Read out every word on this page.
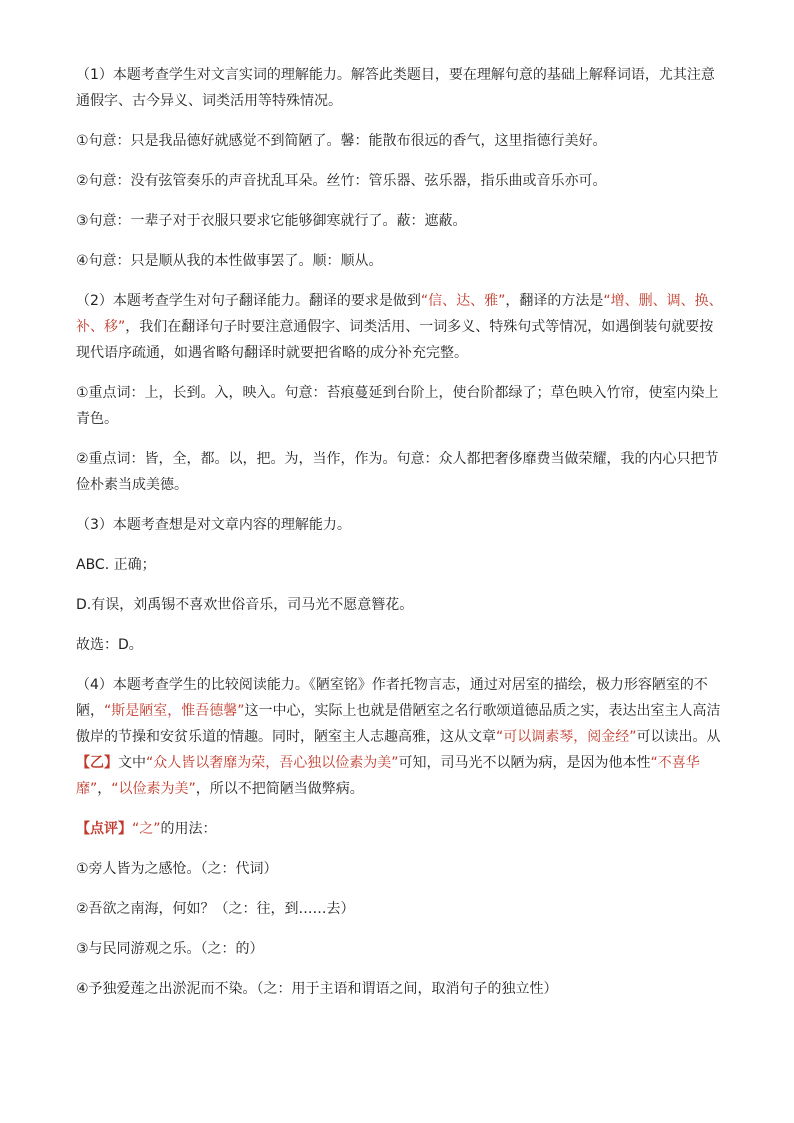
（1）本题考查学生对文言实词的理解能力。解答此类题目，要在理解句意的基础上解释词语，尤其注意通假字、古今异义、词类活用等特殊情况。

①句意：只是我品德好就感觉不到简陋了。馨：能散布很远的香气，这里指德行美好。

②句意：没有弦管奏乐的声音扰乱耳朵。丝竹：管乐器、弦乐器，指乐曲或音乐亦可。

③句意：一辈子对于衣服只要求它能够御寒就行了。蔽：遮蔽。

④句意：只是顺从我的本性做事罢了。顺：顺从。

（2）本题考查学生对句子翻译能力。翻译的要求是做到“信、达、雅”，翻译的方法是“增、删、调、换、补、移”，我们在翻译句子时要注意通假字、词类活用、一词多义、特殊句式等情况，如遇倒装句就要按现代语序疏通，如遇省略句翻译时就要把省略的成分补充完整。

①重点词：上，长到。入，映入。句意：苔痕蔓延到台阶上，使台阶都绿了；草色映入竹帘，使室内染上青色。

②重点词：皆，全，都。以，把。为，当作，作为。句意：众人都把奢侈靡费当做荣耀，我的内心只把节俭朴素当成美德。

（3）本题考查想是对文章内容的理解能力。

ABC. 正确；

D.有误，刘禹锡不喜欢世俗音乐，司马光不愿意簪花。

故选：D。

（4）本题考查学生的比较阅读能力。《陋室铭》作者托物言志，通过对居室的描绘，极力形容陋室的不陋，“斯是陋室，惟吾德馨”这一中心，实际上也就是借陋室之名行歌颂道德品质之实，表达出室主人高洁傲岸的节操和安贫乐道的情趣。同时，陋室主人志趣高雅，这从文章“可以调素琴，阅金经”可以读出。从【乙】文中“众人皆以奢靡为荣，吾心独以俭素为美”可知，司马光不以陋为病，是因为他本性“不喜华靡”，“以俭素为美”，所以不把简陋当做弊病。

【点评】“之”的用法：

①旁人皆为之感怆。（之：代词）

②吾欲之南海，何如？（之：往，到……去）

③与民同游观之乐。（之：的）

④予独爱莲之出淤泥而不染。（之：用于主语和谓语之间，取消句子的独立性）
